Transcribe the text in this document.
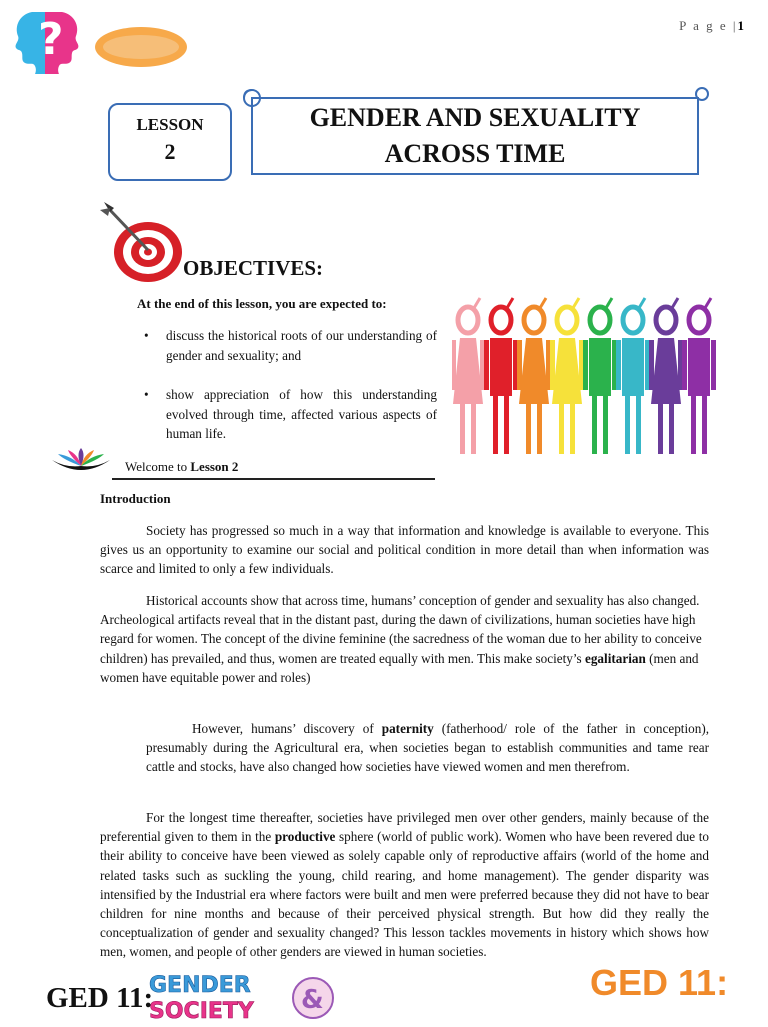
?	P a g e |1
LESSON
2
GENDER AND SEXUALITY
ACROSS TIME
OBJECTIVES:
At the end of this lesson, you are expected to:
• discuss the historical roots of our understanding of gender and sexuality; and
• show appreciation of how this understanding evolved through time, affected various aspects of human life.
Welcome to Lesson 2
Introduction

Society has progressed so much in a way that information and knowledge is available to everyone. This gives us an opportunity to examine our social and political condition in more detail than when information was scarce and limited to only a few individuals.

Historical accounts show that across time, humans’ conception of gender and sexuality has also changed. Archeological artifacts reveal that in the distant past, during the dawn of civilizations, human societies have high regard for women. The concept of the divine feminine (the sacredness of the woman due to her ability to conceive children) has prevailed, and thus, women are treated equally with men. This make society’s egalitarian (men and women have equitable power and roles)

However, humans’ discovery of paternity (fatherhood/ role of the father in conception), presumably during the Agricultural era, when societies began to establish communities and tame rear cattle and stocks, have also changed how societies have viewed women and men therefrom.

For the longest time thereafter, societies have privileged men over other genders, mainly because of the preferential given to them in the productive sphere (world of public work). Women who have been revered due to their ability to conceive have been viewed as solely capable only of reproductive affairs (world of the home and related tasks such as suckling the young, child rearing, and home management). The gender disparity was intensified by the Industrial era where factors were built and men were preferred because they did not have to bear children for nine months and because of their perceived physical strength. But how did they really the conceptualization of gender and sexuality changed? This lesson tackles movements in history which shows how men, women, and people of other genders are viewed in human societies.

GED 11:
GENDER &
SOCIETY
GED 11:
